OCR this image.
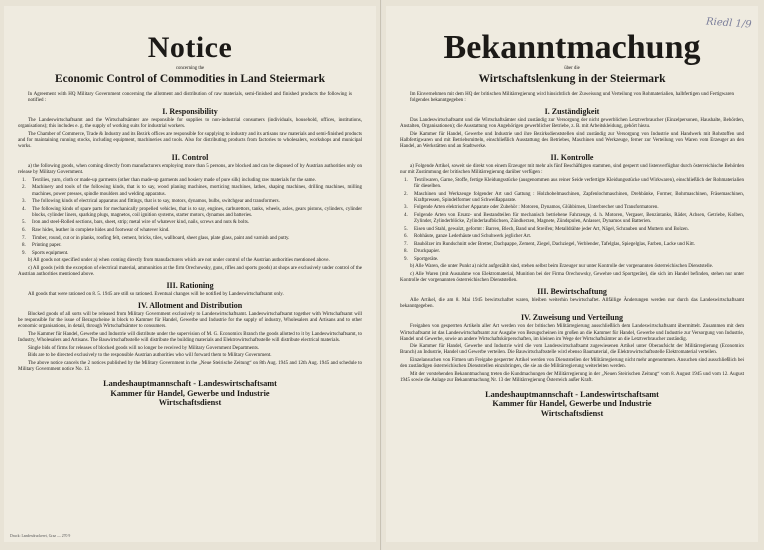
Notice
concerning the
Economic Control of Commodities in Land Steiermark

In Agreement with HQ Military Government concerning the allotment and distribution of raw materials, semi-finished and finished products the following is notified :

I. Responsibility

The Landeswirtschaftsamt and the Wirtschaftsämter are responsible for supplies to non-industrial consumers (individuals, household, offices, institutions, organisations); this includes e. g. the supply of working suits for industrial workers.

The Chamber of Commerce, Trade & Industry and its Bezirk offices are responsible for supplying to industry and its artisans raw materials and semi-finished products and for maintaining running stocks, including equipment, machineries and tools. Also for distributing products from factories to wholesalers, workshops and municipal works.

II. Control

a) the following goods, when coming directly from manufacturers employing more than 5 persons, are blocked and can be disposed of by Austrian authorities only on release by Military Government.

1.	Textilies, yarn, cloth or made-up garments (other than made-up garments and hosiery made of pure silk) including raw materials for the same.
2.	Machinery and tools of the following kinds, that is to say, wood planing machines, morticing machines, lathes, shaping machines, drilling machines, milling machines, power presses, spindle moulders and welding apparatus.
3.	The following kinds of electrical apparatus and fittings, that is to say, motors, dynamos, bulbs, switchgear and transformers.
4.	The following kinds of spare parts for mechanically propelled vehicles, that is to say, engines, carburettors, tanks, wheels, axles, gears pistons, cylinders, cylinder blocks, cylinder liners, sparking plugs, magnetos, coil ignition systems, starter motors, dynamos and batteries.
5.	Iron and steel-Rolled sections, bars, sheet, strip; metal wire of whatever kind, nails, screws and nuts & bolts.
6.	Raw hides, leather in complete hides and footwear of whatever kind.
7.	Timber, round, cut or in planks, roofing felt, cement, bricks, tiles, wallboard, sheet glass, plate glass, paint and varnish and putty.
8.	Printing paper.
9.	Sports equipment.

b) All goods not specified under a) when coming directly from manufacturers which are not under control of the Austrian authorities mentioned above.

c) All goods (with the exception of electrical material, ammunition at the firm Orechowsky, guns, rifles and sports goods) at shops are exclusively under control of the Austrian authorities mentioned above.

III. Rationing

All goods that were rationed on 8. 5. 1945 are still so rationed. Eventual changes will be notified by Landeswirtschaftsamt only.

IV. Allotment and Distribution

Blocked goods of all sorts will be released from Military Government exclusively to Landeswirtschaftsamt. Landeswirtschaftsamt together with Wirtschaftsamt will be responsible for the issue of Bezugscheine in block to Kammer für Handel, Gewerbe und Industrie for the supply of industry, Wholesalers and Artisans and to other economic organisations, in detail, through Wirtschaftsämter to consumers.

The Kammer für Handel, Gewerbe und Industrie will distribute under the supervision of M. G. Economics Branch the goods allotted to it by Landeswirtschaftsamt, to Industry, Wholesalers and Artisans. The Bauwirtschaftsstelle will distribute the building materials and Elektrowirtschaftsstelle will distribute electrical materials.

Single bids of firms for releases of blocked goods will no longer be received by Military Government Departments.

Bids are to be directed exclusively to the responsible Austrian authorities who will forward them to Military Government.

The above notice cancels the 2 notices published by the Military Government in the „Neue Steirische Zeitung“ on 8th Aug. 1945 and 12th Aug. 1945 and schedule to Military Government notice No. 13.

Landeshauptmannschaft - Landeswirtschaftsamt
Kammer für Handel, Gewerbe und Industrie
Wirtschaftsdienst
Druck: Landesdruckerei, Graz — 270 9
Riedl 1/9
Bekanntmachung
über die
Wirtschaftslenkung in der Steiermark

Im Einvernehmen mit dem HQ der britischen Militärregierung wird hinsichtlich der Zuweisung und Verteilung von Rohmaterialien, halbfertigen und Fertigwaren folgendes bekanntgegeben :

I. Zuständigkeit

Das Landeswirtschaftsamt und die Wirtschaftsämter sind zuständig zur Versorgung der nicht gewerblichen Letztverbraucher (Einzelpersonen, Haushalte, Behörden, Anstalten, Organisationen); die Ausstattung von Angehörigen gewerblicher Betriebe, z. B. mit Arbeitskleidung, gehört hiezu.

Die Kammer für Handel, Gewerbe und Industrie und ihre Bezirksdienststellen sind zuständig zur Versorgung von Industrie und Handwerk mit Rohstoffen und Halbfertigwaren und mit Betriebsmitteln, einschließlich Ausstattung des Betriebes, Maschinen und Werkzeuge, ferner zur Verteilung von Waren vom Erzeuger an den Handel, an Werkstätten und an Stadtwerke.

II. Kontrolle

a) Folgende Artikel, soweit sie direkt von einem Erzeuger mit mehr als fünf Beschäftigten stammen, sind gesperrt und listenverfügbar durch österreichische Behörden nur mit Zustimmung der britischen Militärregierung darüber verfügen :

1.	Textilwaren, Garne, Stoffe, fertige Kleidungsstücke (ausgenommen aus reiner Seide verfertigte Kleidungsstücke und Wirkwaren), einschließlich der Rohmaterialien für dieselben.
2.	Maschinen und Werkzeuge folgender Art und Gattung : Holzhobelmaschinen, Zapfenlochmaschinen, Drehbänke, Former, Bohrmaschinen, Fräsemaschinen, Kraftpressen, Spindelformer und Schweißapparate.
3.	Folgende Arten elektrischer Apparate oder Zubehör : Motoren, Dynamos, Glühbirnen, Unterbrecher und Transformatoren.
4.	Folgende Arten von Ersatz- und Bestandteilen für mechanisch betriebene Fahrzeuge, d. h. Motoren, Vergaser, Benzintanks, Räder, Achsen, Getriebe, Kolben, Zylinder, Zylinderblöcke, Zylinderlaufbüchsen, Zündkerzen, Magnete, Zündspulen, Anlasser, Dynamos und Batterien.
5.	Eisen und Stahl, gewalzt, geformt : Barren, Blech, Band und Streifen; Metalldrähte jeder Art, Nägel, Schrauben und Muttern und Bolzen.
6.	Rohhäute, ganze Lederhäute und Schuhwerk jeglicher Art.
7.	Bauhölzer im Rundschnitt oder Bretter, Dachpappe, Zement, Ziegel, Dachziegel, Verblender, Tafelglas, Spiegelglas, Farben, Lacke und Kitt.
8.	Druckpapier.
9.	Sportgeräte.

b) Alle Waren, die unter Punkt a) nicht aufgezählt sind, stehen selbst beim Erzeuger nur unter Kontrolle der vorgenannten österreichischen Dienststelle.

c) Alle Waren (mit Ausnahme von Elektromaterial, Munition bei der Firma Orechowsky, Gewehre und Sportgeräte), die sich im Handel befinden, stehen nur unter Kontrolle der vorgenannten österreichischen Dienststellen.

III. Bewirtschaftung

Alle Artikel, die am 8. Mai 1945 bewirtschaftet waren, bleiben weiterhin bewirtschaftet. Allfällige Änderungen werden nur durch das Landeswirtschaftsamt bekanntgegeben.

IV. Zuweisung und Verteilung

Freigaben von gesperrten Artikeln aller Art werden von der britischen Militärregierung ausschließlich dem Landeswirtschaftsamt übermittelt. Zusammen mit dem Wirtschaftsamt ist das Landeswirtschaftsamt zur Ausgabe von Bezugscheinen im großen an die Kammer für Handel, Gewerbe und Industrie zur Versorgung von Industrie, Handel und Gewerbe, sowie an andere Wirtschaftskörperschaften, im kleinen im Wege der Wirtschaftsämter an die Letztverbraucher zuständig.

Die Kammer für Handel, Gewerbe und Industrie wird die vom Landeswirtschaftsamt zugewiesenen Artikel unter Oberaufsicht der Militärregierung (Economics Branch) an Industrie, Handel und Gewerbe verteilen. Die Bauwirtschaftsstelle wird ebenso Baumaterial, die Elektrowirtschaftsstelle Elektromaterial verteilen.

Einzelansuchen von Firmen um Freigabe gesperrter Artikel werden von Dienststellen der Militärregierung nicht mehr angenommen. Ansuchen sind ausschließlich bei den zuständigen österreichischen Dienststellen einzubringen, die sie an die Militärregierung weiterleiten werden.

Mit der vorstehenden Bekanntmachung treten die Kundmachungen der Militärregierung in der „Neuen Steirischen Zeitung“ vom 8. August 1945 und vom 12. August 1945 sowie die Anlage zur Bekanntmachung Nr. 13 der Militärregierung Österreich außer Kraft.

Landeshauptmannschaft - Landeswirtschaftsamt
Kammer für Handel, Gewerbe und Industrie
Wirtschaftsdienst
